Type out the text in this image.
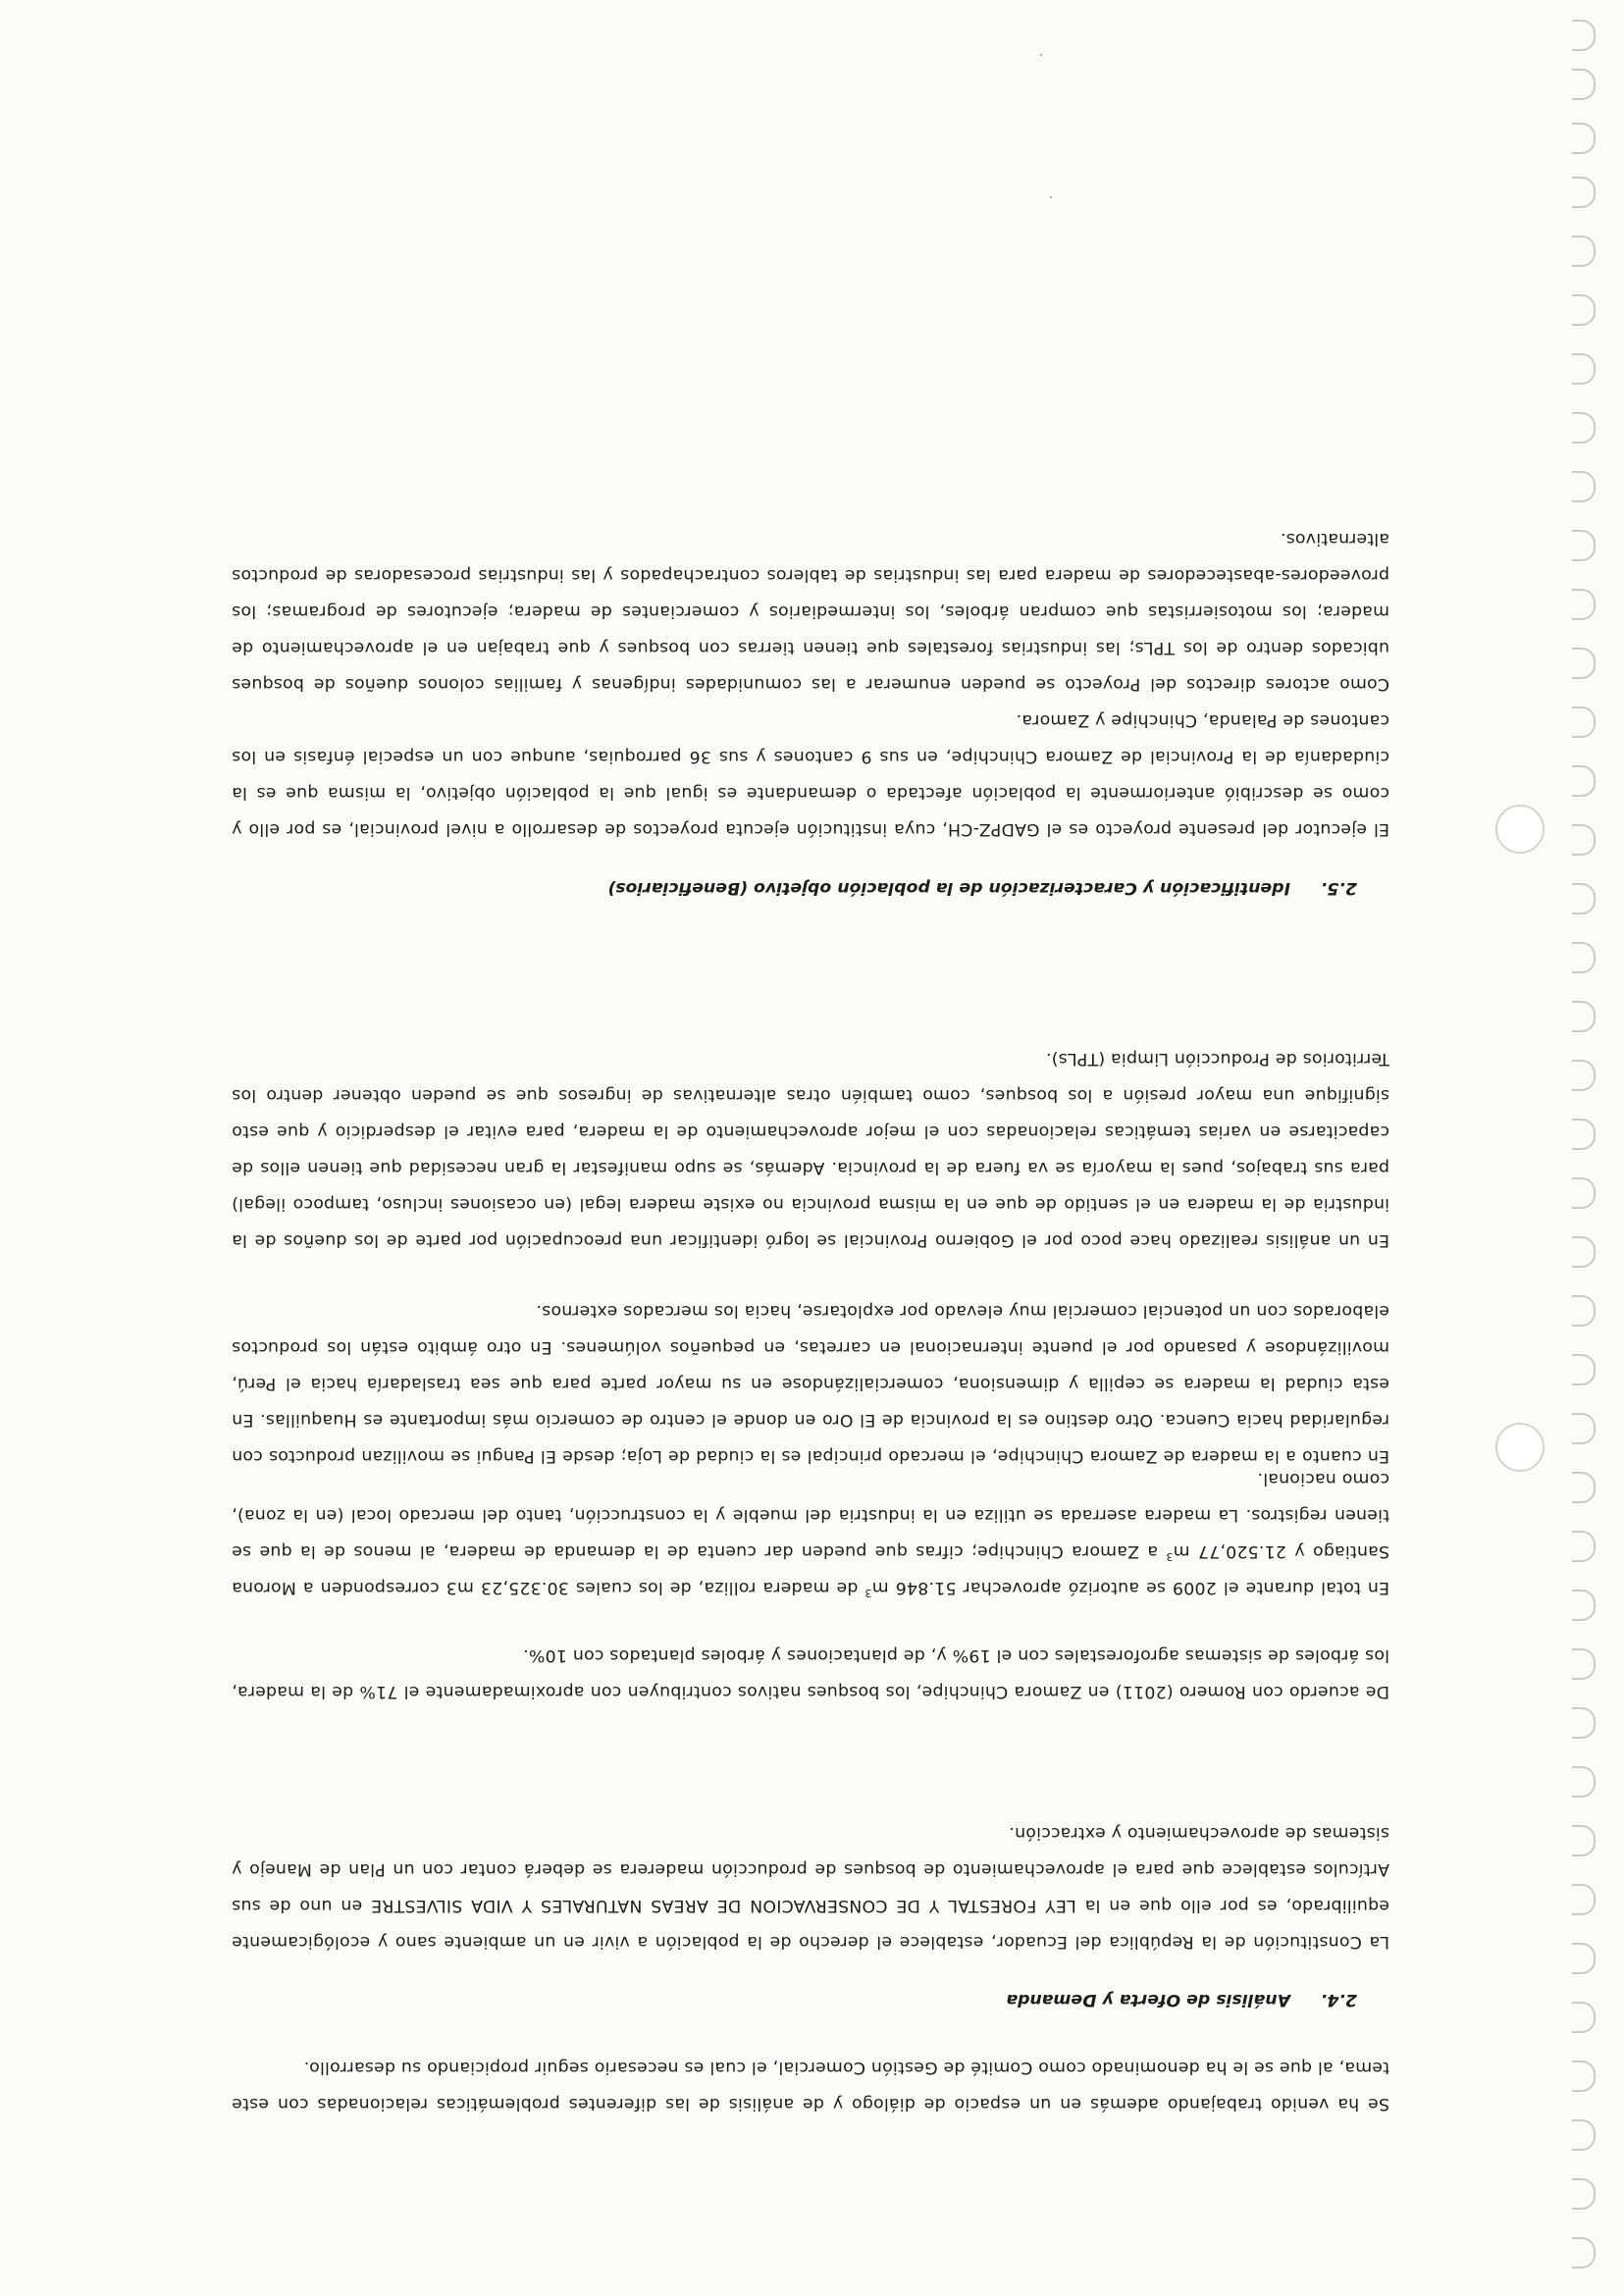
Se ha venido trabajando además en un espacio de diálogo y de análisis de las diferentes problemáticas relacionadas con este tema, al que se le ha denominado como Comité de Gestión Comercial, el cual es necesario seguir propiciando su desarrollo.

2.4. Análisis de Oferta y Demanda

La Constitución de la República del Ecuador, establece el derecho de la población a vivir en un ambiente sano y ecológicamente equilibrado, es por ello que en la LEY FORESTAL Y DE CONSERVACION DE AREAS NATURALES Y VIDA SILVESTRE en uno de sus Artículos establece que para el aprovechamiento de bosques de producción maderera se deberá contar con un Plan de Manejo y sistemas de aprovechamiento y extracción.

De acuerdo con Romero (2011) en Zamora Chinchipe, los bosques nativos contribuyen con aproximadamente el 71% de la madera, los árboles de sistemas agroforestales con el 19% y, de plantaciones y árboles plantados con 10%.

En total durante el 2009 se autorizó aprovechar 51.846 $m^3$ de madera rolliza, de los cuales 30.325,23 m3 corresponden a Morona Santiago y 21.520,77 $m^3$ a Zamora Chinchipe; cifras que pueden dar cuenta de la demanda de madera, al menos de la que se tienen registros. La madera aserrada se utiliza en la industria del mueble y la construcción, tanto del mercado local (en la zona), como nacional.

En cuanto a la madera de Zamora Chinchipe, el mercado principal es la ciudad de Loja; desde El Pangui se movilizan productos con regularidad hacia Cuenca. Otro destino es la provincia de El Oro en donde el centro de comercio más importante es Huaquillas. En esta ciudad la madera se cepilla y dimensiona, comercializándose en su mayor parte para que sea trasladaría hacia el Perú, movilizándose y pasando por el puente internacional en carretas, en pequeños volúmenes. En otro ámbito están los productos elaborados con un potencial comercial muy elevado por explotarse, hacia los mercados externos.

En un análisis realizado hace poco por el Gobierno Provincial se logró identificar una preocupación por parte de los dueños de la industria de la madera en el sentido de que en la misma provincia no existe madera legal (en ocasiones incluso, tampoco ilegal) para sus trabajos, pues la mayoría se va fuera de la provincia. Además, se supo manifestar la gran necesidad que tienen ellos de capacitarse en varias temáticas relacionadas con el mejor aprovechamiento de la madera, para evitar el desperdicio y que esto signifique una mayor presión a los bosques, como también otras alternativas de ingresos que se pueden obtener dentro los Territorios de Producción Limpia (TPLs).

2.5. Identificación y Caracterización de la población objetivo (Beneficiarios)

El ejecutor del presente proyecto es el GADPZ-CH, cuya institución ejecuta proyectos de desarrollo a nivel provincial, es por ello y como se describió anteriormente la población afectada o demandante es igual que la población objetivo, la misma que es la ciudadanía de la Provincial de Zamora Chinchipe, en sus 9 cantones y sus 36 parroquias, aunque con un especial énfasis en los cantones de Palanda, Chinchipe y Zamora.

Como actores directos del Proyecto se pueden enumerar a las comunidades indígenas y familias colonos dueños de bosques ubicados dentro de los TPLs; las industrias forestales que tienen tierras con bosques y que trabajan en el aprovechamiento de madera; los motosierristas que compran árboles, los intermediarios y comerciantes de madera; ejecutores de programas; los proveedores-abastecedores de madera para las industrias de tableros contrachapados y las industrias procesadoras de productos alternativos.
